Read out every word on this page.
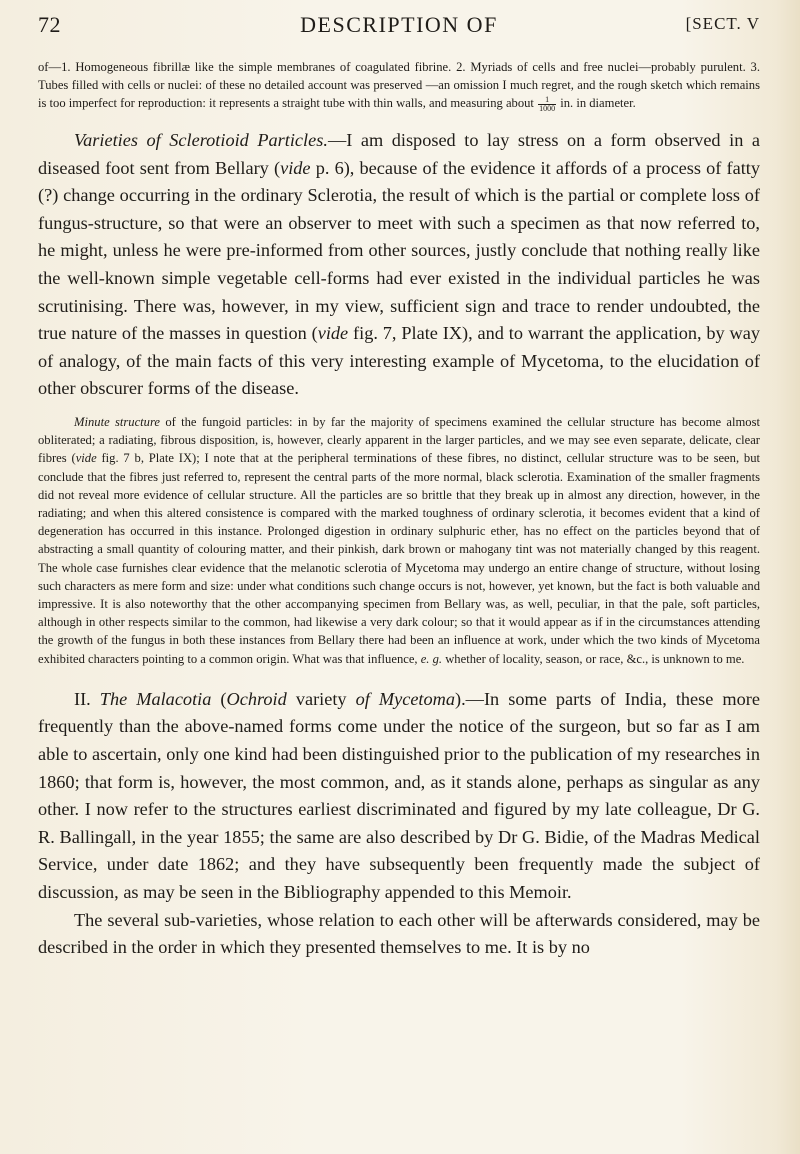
72	DESCRIPTION OF	[SECT. V

of—1. Homogeneous fibrillæ like the simple membranes of coagulated fibrine. 2. Myriads of cells and free nuclei—probably purulent. 3. Tubes filled with cells or nuclei: of these no detailed account was preserved —an omission I much regret, and the rough sketch which remains is too imperfect for reproduction: it represents a straight tube with thin walls, and measuring about $\frac{1}{1000}$ in. in diameter.

Varieties of Sclerotioid Particles.—I am disposed to lay stress on a form observed in a diseased foot sent from Bellary (vide p. 6), because of the evidence it affords of a process of fatty (?) change occurring in the ordinary Sclerotia, the result of which is the partial or complete loss of fungus-structure, so that were an observer to meet with such a specimen as that now referred to, he might, unless he were pre-informed from other sources, justly conclude that nothing really like the well-known simple vegetable cell-forms had ever existed in the individual particles he was scrutinising. There was, however, in my view, sufficient sign and trace to render undoubted, the true nature of the masses in question (vide fig. 7, Plate IX), and to warrant the application, by way of analogy, of the main facts of this very interesting example of Mycetoma, to the elucidation of other obscurer forms of the disease.

Minute structure of the fungoid particles: in by far the majority of specimens examined the cellular structure has become almost obliterated; a radiating, fibrous disposition, is, however, clearly apparent in the larger particles, and we may see even separate, delicate, clear fibres (vide fig. 7 b, Plate IX); I note that at the peripheral terminations of these fibres, no distinct, cellular structure was to be seen, but conclude that the fibres just referred to, represent the central parts of the more normal, black sclerotia. Examination of the smaller fragments did not reveal more evidence of cellular structure. All the particles are so brittle that they break up in almost any direction, however, in the radiating; and when this altered consistence is compared with the marked toughness of ordinary sclerotia, it becomes evident that a kind of degeneration has occurred in this instance. Prolonged digestion in ordinary sulphuric ether, has no effect on the particles beyond that of abstracting a small quantity of colouring matter, and their pinkish, dark brown or mahogany tint was not materially changed by this reagent. The whole case furnishes clear evidence that the melanotic sclerotia of Mycetoma may undergo an entire change of structure, without losing such characters as mere form and size: under what conditions such change occurs is not, however, yet known, but the fact is both valuable and impressive. It is also noteworthy that the other accompanying specimen from Bellary was, as well, peculiar, in that the pale, soft particles, although in other respects similar to the common, had likewise a very dark colour; so that it would appear as if in the circumstances attending the growth of the fungus in both these instances from Bellary there had been an influence at work, under which the two kinds of Mycetoma exhibited characters pointing to a common origin. What was that influence, e. g. whether of locality, season, or race, &c., is unknown to me.

II. The Malacotia (Ochroid variety of Mycetoma).—In some parts of India, these more frequently than the above-named forms come under the notice of the surgeon, but so far as I am able to ascertain, only one kind had been distinguished prior to the publication of my researches in 1860; that form is, however, the most common, and, as it stands alone, perhaps as singular as any other. I now refer to the structures earliest discriminated and figured by my late colleague, Dr G. R. Ballingall, in the year 1855; the same are also described by Dr G. Bidie, of the Madras Medical Service, under date 1862; and they have subsequently been frequently made the subject of discussion, as may be seen in the Bibliography appended to this Memoir.

The several sub-varieties, whose relation to each other will be afterwards considered, may be described in the order in which they presented themselves to me. It is by no
